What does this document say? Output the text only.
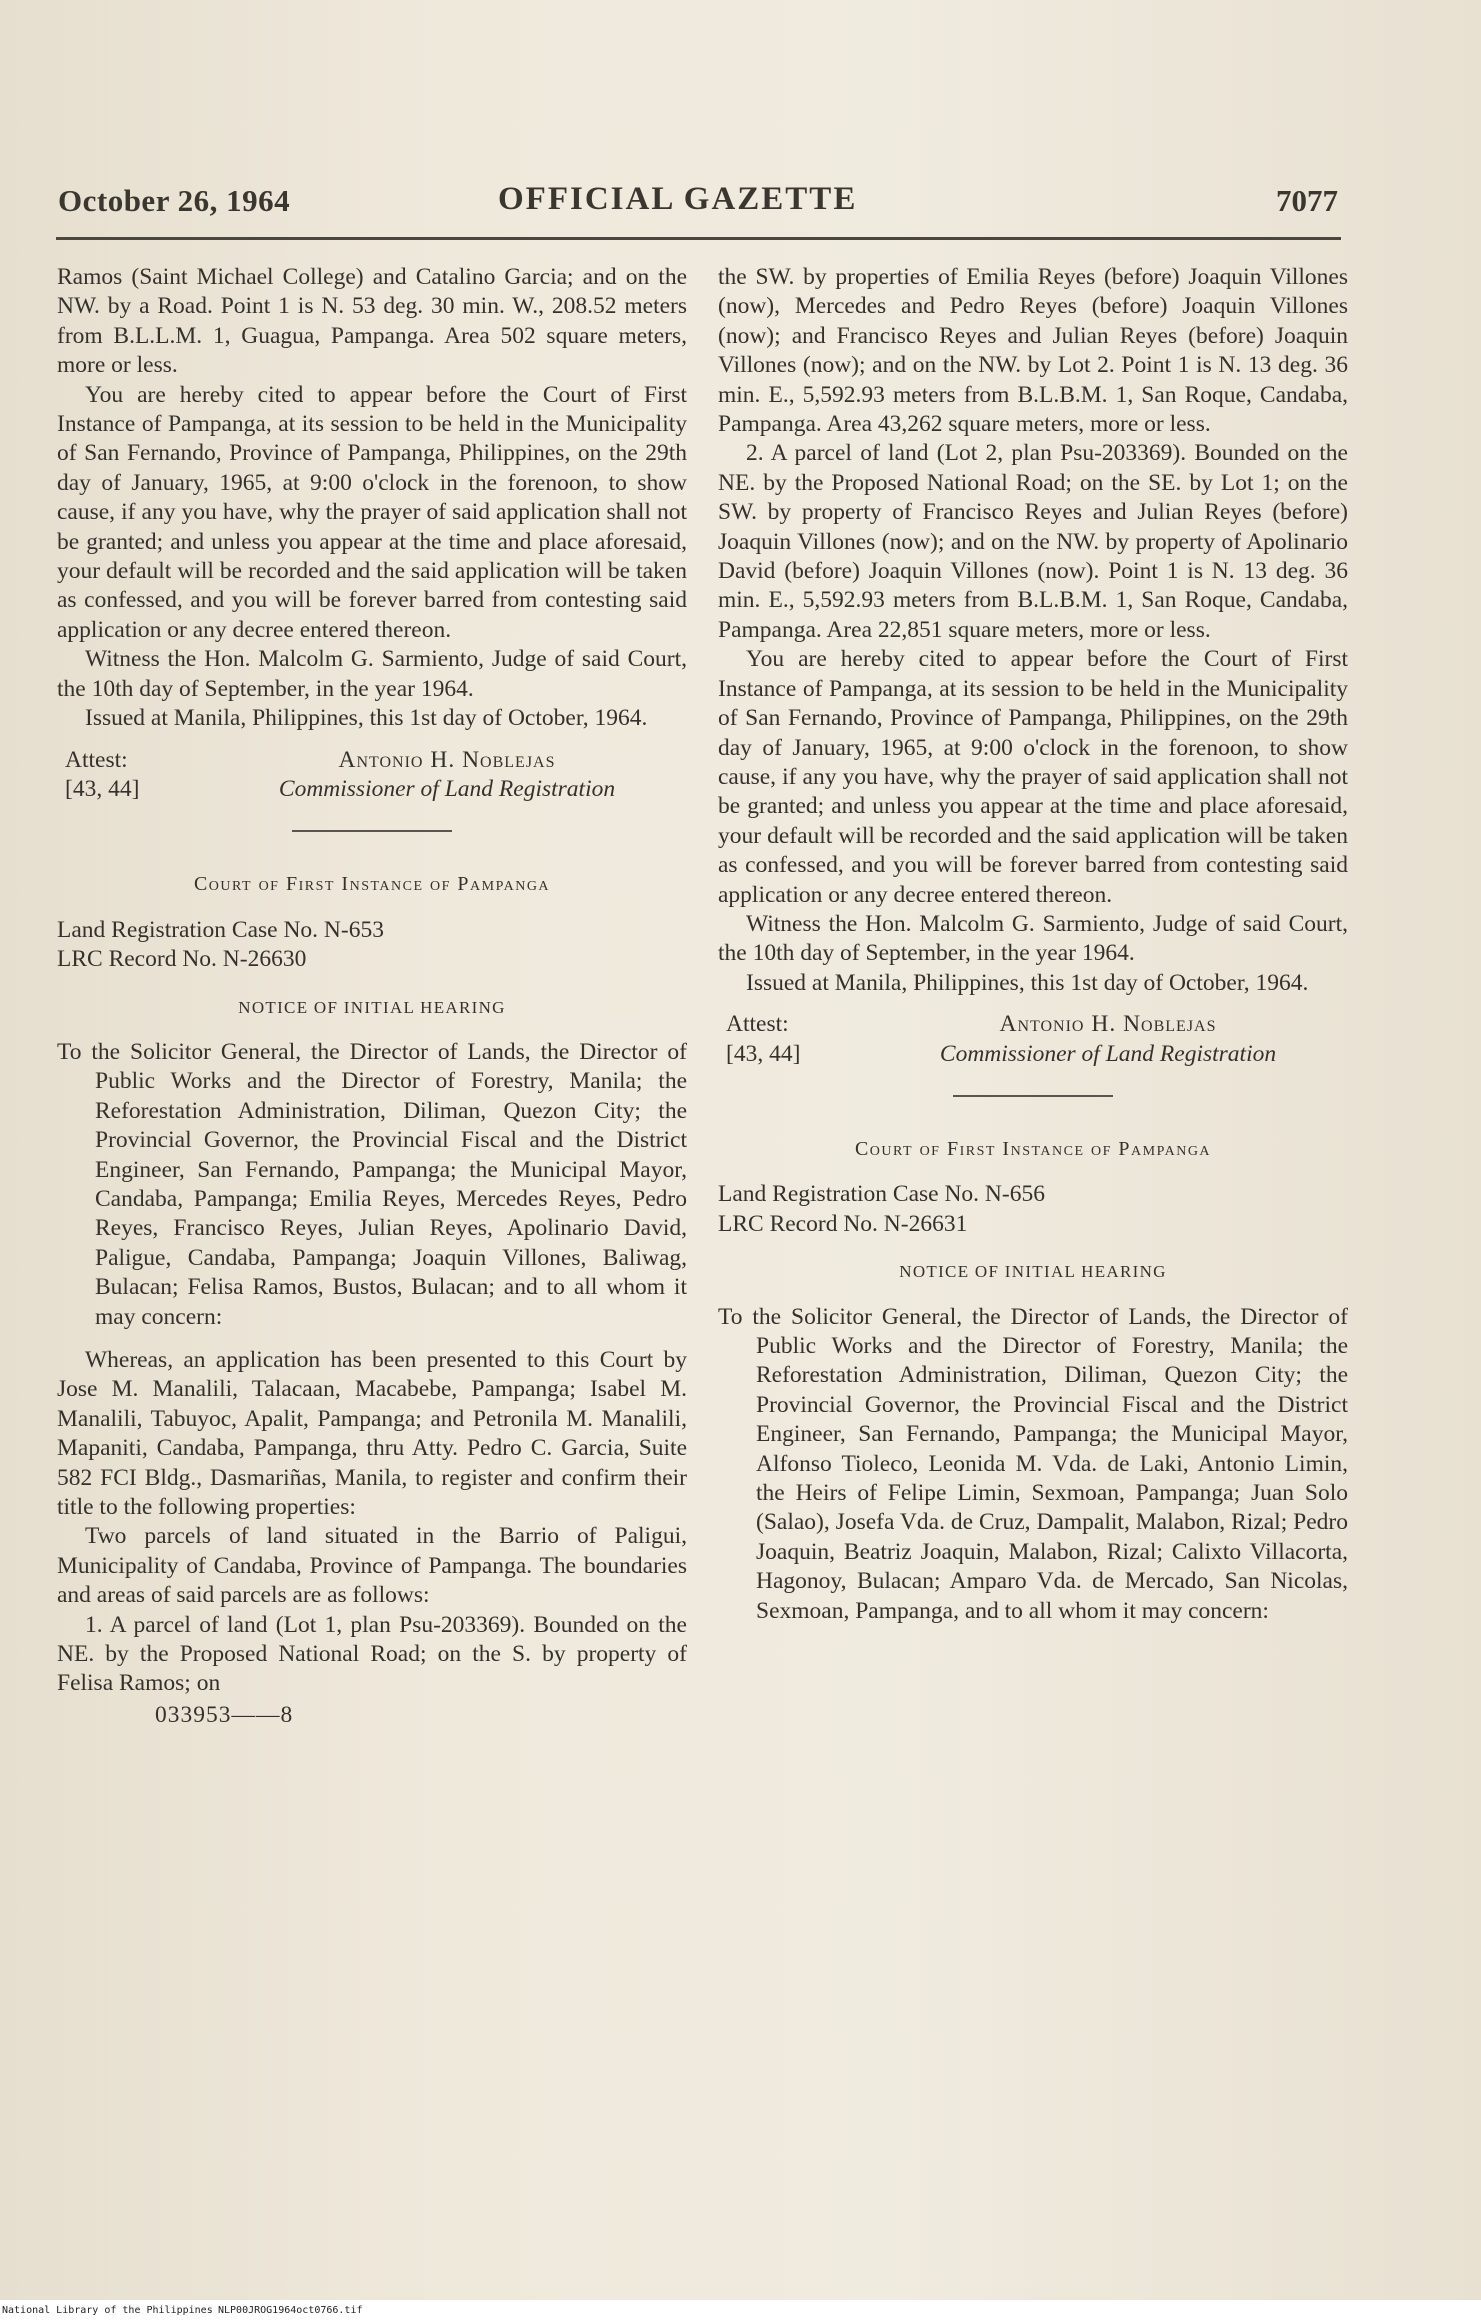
October 26, 1964	OFFICIAL GAZETTE	7077

Ramos (Saint Michael College) and Catalino Garcia; and on the NW. by a Road. Point 1 is N. 53 deg. 30 min. W., 208.52 meters from B.L.L.M. 1, Guagua, Pampanga. Area 502 square meters, more or less.

You are hereby cited to appear before the Court of First Instance of Pampanga, at its session to be held in the Municipality of San Fernando, Province of Pampanga, Philippines, on the 29th day of January, 1965, at 9:00 o'clock in the forenoon, to show cause, if any you have, why the prayer of said application shall not be granted; and unless you appear at the time and place aforesaid, your default will be recorded and the said application will be taken as confessed, and you will be forever barred from contesting said application or any decree entered thereon.

Witness the Hon. Malcolm G. Sarmiento, Judge of said Court, the 10th day of September, in the year 1964.

Issued at Manila, Philippines, this 1st day of October, 1964.

Attest:	Antonio H. Noblejas
[43, 44]	Commissioner of Land Registration
Court of First Instance of Pampanga

Land Registration Case No. N-653

LRC Record No. N-26630

NOTICE OF INITIAL HEARING

To the Solicitor General, the Director of Lands, the Director of Public Works and the Director of Forestry, Manila; the Reforestation Administration, Diliman, Quezon City; the Provincial Governor, the Provincial Fiscal and the District Engineer, San Fernando, Pampanga; the Municipal Mayor, Candaba, Pampanga; Emilia Reyes, Mercedes Reyes, Pedro Reyes, Francisco Reyes, Julian Reyes, Apolinario David, Paligue, Candaba, Pampanga; Joaquin Villones, Baliwag, Bulacan; Felisa Ramos, Bustos, Bulacan; and to all whom it may concern:

Whereas, an application has been presented to this Court by Jose M. Manalili, Talacaan, Macabebe, Pampanga; Isabel M. Manalili, Tabuyoc, Apalit, Pampanga; and Petronila M. Manalili, Mapaniti, Candaba, Pampanga, thru Atty. Pedro C. Garcia, Suite 582 FCI Bldg., Dasmariñas, Manila, to register and confirm their title to the following properties:

Two parcels of land situated in the Barrio of Paligui, Municipality of Candaba, Province of Pampanga. The boundaries and areas of said parcels are as follows:

1. A parcel of land (Lot 1, plan Psu-203369). Bounded on the NE. by the Proposed National Road; on the S. by property of Felisa Ramos; on

033953——8

the SW. by properties of Emilia Reyes (before) Joaquin Villones (now), Mercedes and Pedro Reyes (before) Joaquin Villones (now); and Francisco Reyes and Julian Reyes (before) Joaquin Villones (now); and on the NW. by Lot 2. Point 1 is N. 13 deg. 36 min. E., 5,592.93 meters from B.L.B.M. 1, San Roque, Candaba, Pampanga. Area 43,262 square meters, more or less.

2. A parcel of land (Lot 2, plan Psu-203369). Bounded on the NE. by the Proposed National Road; on the SE. by Lot 1; on the SW. by property of Francisco Reyes and Julian Reyes (before) Joaquin Villones (now); and on the NW. by property of Apolinario David (before) Joaquin Villones (now). Point 1 is N. 13 deg. 36 min. E., 5,592.93 meters from B.L.B.M. 1, San Roque, Candaba, Pampanga. Area 22,851 square meters, more or less.

You are hereby cited to appear before the Court of First Instance of Pampanga, at its session to be held in the Municipality of San Fernando, Province of Pampanga, Philippines, on the 29th day of January, 1965, at 9:00 o'clock in the forenoon, to show cause, if any you have, why the prayer of said application shall not be granted; and unless you appear at the time and place aforesaid, your default will be recorded and the said application will be taken as confessed, and you will be forever barred from contesting said application or any decree entered thereon.

Witness the Hon. Malcolm G. Sarmiento, Judge of said Court, the 10th day of September, in the year 1964.

Issued at Manila, Philippines, this 1st day of October, 1964.

Attest:	Antonio H. Noblejas
[43, 44]	Commissioner of Land Registration
Court of First Instance of Pampanga

Land Registration Case No. N-656

LRC Record No. N-26631

NOTICE OF INITIAL HEARING

To the Solicitor General, the Director of Lands, the Director of Public Works and the Director of Forestry, Manila; the Reforestation Administration, Diliman, Quezon City; the Provincial Governor, the Provincial Fiscal and the District Engineer, San Fernando, Pampanga; the Municipal Mayor, Alfonso Tioleco, Leonida M. Vda. de Laki, Antonio Limin, the Heirs of Felipe Limin, Sexmoan, Pampanga; Juan Solo (Salao), Josefa Vda. de Cruz, Dampalit, Malabon, Rizal; Pedro Joaquin, Beatriz Joaquin, Malabon, Rizal; Calixto Villacorta, Hagonoy, Bulacan; Amparo Vda. de Mercado, San Nicolas, Sexmoan, Pampanga, and to all whom it may concern:

National Library of the Philippines NLP00JROG1964oct0766.tif
